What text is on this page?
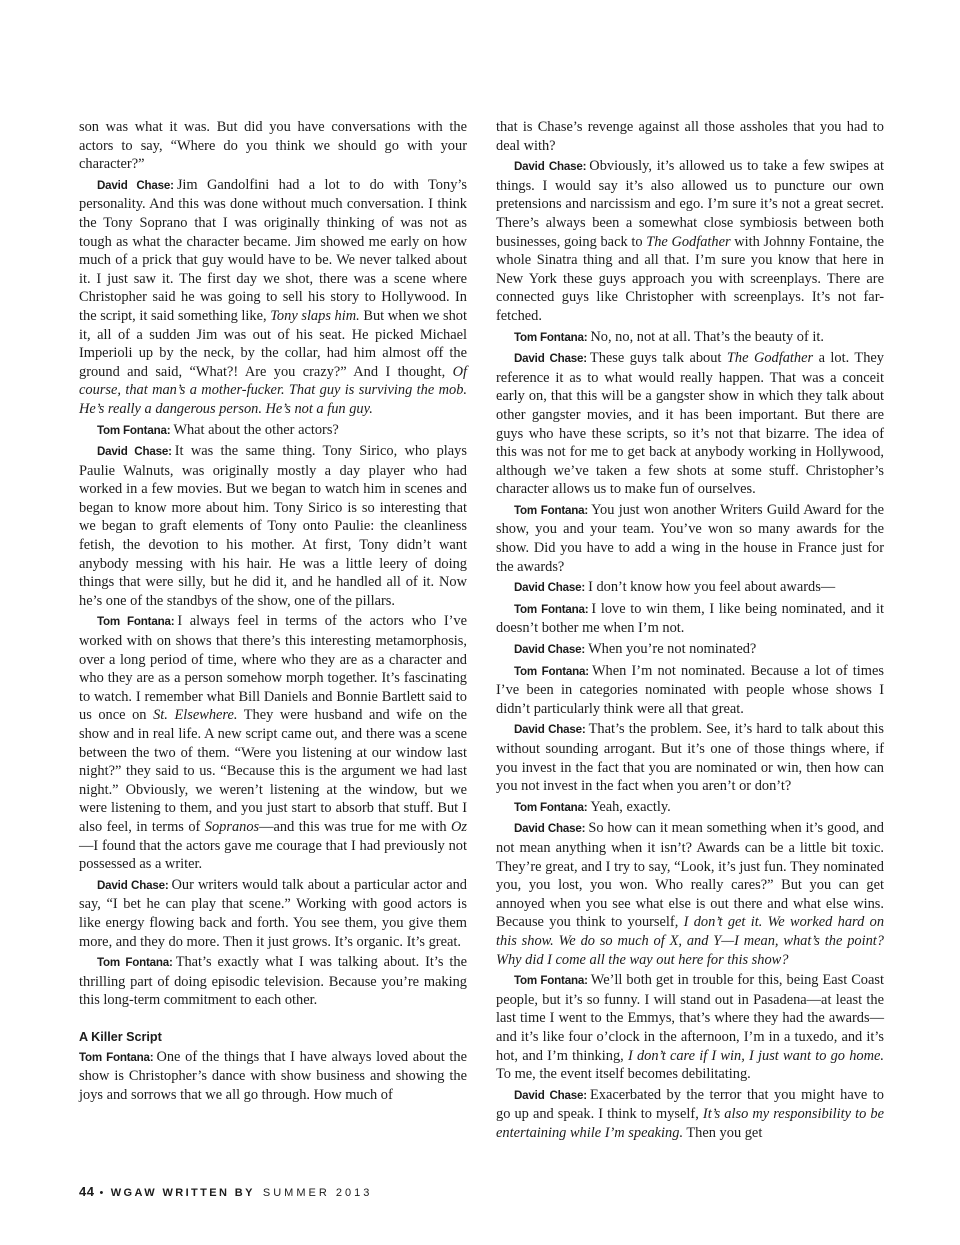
son was what it was. But did you have conversations with the actors to say, “Where do you think we should go with your character?”

David Chase: Jim Gandolfini had a lot to do with Tony’s personality. And this was done without much conversation. I think the Tony Soprano that I was originally thinking of was not as tough as what the character became. Jim showed me early on how much of a prick that guy would have to be. We never talked about it. I just saw it. The first day we shot, there was a scene where Christopher said he was going to sell his story to Hollywood. In the script, it said something like, Tony slaps him. But when we shot it, all of a sudden Jim was out of his seat. He picked Michael Imperioli up by the neck, by the collar, had him almost off the ground and said, “What?! Are you crazy?” And I thought, Of course, that man’s a mother-fucker. That guy is surviving the mob. He’s really a dangerous person. He’s not a fun guy.

Tom Fontana: What about the other actors?

David Chase: It was the same thing. Tony Sirico, who plays Paulie Walnuts, was originally mostly a day player who had worked in a few movies. But we began to watch him in scenes and began to know more about him. Tony Sirico is so interesting that we began to graft elements of Tony onto Paulie: the cleanliness fetish, the devotion to his mother. At first, Tony didn’t want anybody messing with his hair. He was a little leery of doing things that were silly, but he did it, and he handled all of it. Now he’s one of the standbys of the show, one of the pillars.

Tom Fontana: I always feel in terms of the actors who I’ve worked with on shows that there’s this interesting metamorphosis, over a long period of time, where who they are as a character and who they are as a person somehow morph together. It’s fascinating to watch. I remember what Bill Daniels and Bonnie Bartlett said to us once on St. Elsewhere. They were husband and wife on the show and in real life. A new script came out, and there was a scene between the two of them. “Were you listening at our window last night?” they said to us. “Because this is the argument we had last night.” Obviously, we weren’t listening at the window, but we were listening to them, and you just start to absorb that stuff. But I also feel, in terms of Sopranos—and this was true for me with Oz—I found that the actors gave me courage that I had previously not possessed as a writer.

David Chase: Our writers would talk about a particular actor and say, “I bet he can play that scene.” Working with good actors is like energy flowing back and forth. You see them, you give them more, and they do more. Then it just grows. It’s organic. It’s great.

Tom Fontana: That’s exactly what I was talking about. It’s the thrilling part of doing episodic television. Because you’re making this long-term commitment to each other.

A Killer Script

Tom Fontana: One of the things that I have always loved about the show is Christopher’s dance with show business and showing the joys and sorrows that we all go through. How much of

that is Chase’s revenge against all those assholes that you had to deal with?

David Chase: Obviously, it’s allowed us to take a few swipes at things. I would say it’s also allowed us to puncture our own pretensions and narcissism and ego. I’m sure it’s not a great secret. There’s always been a somewhat close symbiosis between both businesses, going back to The Godfather with Johnny Fontaine, the whole Sinatra thing and all that. I’m sure you know that here in New York these guys approach you with screenplays. There are connected guys like Christopher with screenplays. It’s not far-fetched.

Tom Fontana: No, no, not at all. That’s the beauty of it.

David Chase: These guys talk about The Godfather a lot. They reference it as to what would really happen. That was a conceit early on, that this will be a gangster show in which they talk about other gangster movies, and it has been important. But there are guys who have these scripts, so it’s not that bizarre. The idea of this was not for me to get back at anybody working in Hollywood, although we’ve taken a few shots at some stuff. Christopher’s character allows us to make fun of ourselves.

Tom Fontana: You just won another Writers Guild Award for the show, you and your team. You’ve won so many awards for the show. Did you have to add a wing in the house in France just for the awards?

David Chase: I don’t know how you feel about awards—

Tom Fontana: I love to win them, I like being nominated, and it doesn’t bother me when I’m not.

David Chase: When you’re not nominated?

Tom Fontana: When I’m not nominated. Because a lot of times I’ve been in categories nominated with people whose shows I didn’t particularly think were all that great.

David Chase: That’s the problem. See, it’s hard to talk about this without sounding arrogant. But it’s one of those things where, if you invest in the fact that you are nominated or win, then how can you not invest in the fact when you aren’t or don’t?

Tom Fontana: Yeah, exactly.

David Chase: So how can it mean something when it’s good, and not mean anything when it isn’t? Awards can be a little bit toxic. They’re great, and I try to say, “Look, it’s just fun. They nominated you, you lost, you won. Who really cares?” But you can get annoyed when you see what else is out there and what else wins. Because you think to yourself, I don’t get it. We worked hard on this show. We do so much of X, and Y—I mean, what’s the point? Why did I come all the way out here for this show?

Tom Fontana: We’ll both get in trouble for this, being East Coast people, but it’s so funny. I will stand out in Pasadena—at least the last time I went to the Emmys, that’s where they had the awards—and it’s like four o’clock in the afternoon, I’m in a tuxedo, and it’s hot, and I’m thinking, I don’t care if I win, I just want to go home. To me, the event itself becomes debilitating.

David Chase: Exacerbated by the terror that you might have to go up and speak. I think to myself, It’s also my responsibility to be entertaining while I’m speaking. Then you get

44 • WGAW WRITTEN BY SUMMER 2013
